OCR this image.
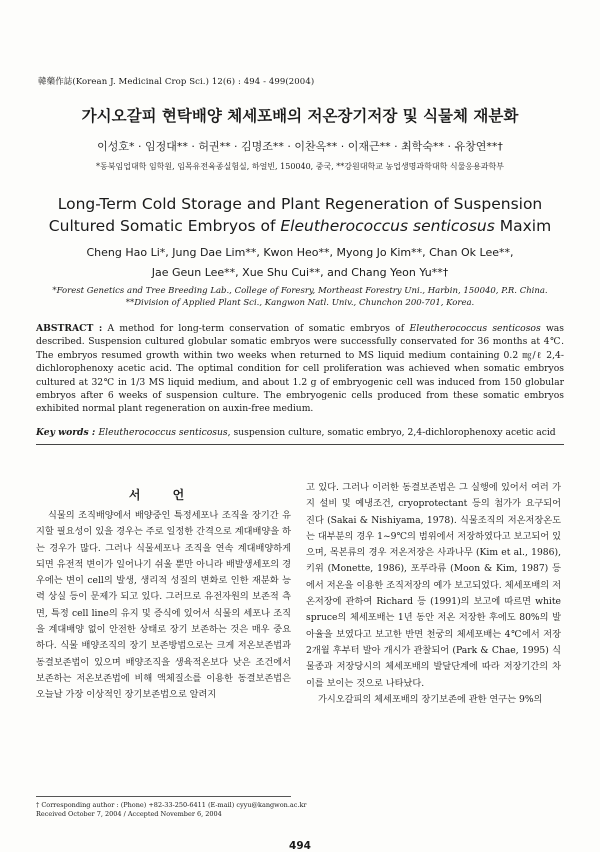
韓藥作誌(Korean J. Medicinal Crop Sci.) 12(6) : 494 - 499(2004)
가시오갈피 현탁배양 체세포배의 저온장기저장 및 식물체 재분화
이성호* · 임정대** · 허권** · 김명조** · 이찬옥** · 이재근** · 최학숙** · 유창연**†
*동북임업대학 임학원, 임목유전육종실험실, 하얼빈, 150040, 중국, **강원대학교 농업생명과학대학 식물응용과학부
Long-Term Cold Storage and Plant Regeneration of Suspension
Cultured Somatic Embryos of Eleutherococcus senticosus Maxim
Cheng Hao Li*, Jung Dae Lim**, Kwon Heo**, Myong Jo Kim**, Chan Ok Lee**,
Jae Geun Lee**, Xue Shu Cui**, and Chang Yeon Yu**†
*Forest Genetics and Tree Breeding Lab., College of Foresry, Mortheast Forestry Uni., Harbin, 150040, P.R. China.
**Division of Applied Plant Sci., Kangwon Natl. Univ., Chunchon 200-701, Korea.
ABSTRACT : A method for long-term conservation of somatic embryos of Eleutherococcus senticosos was described. Suspension cultured globular somatic embryos were successfully conservated for 36 months at 4℃. The embryos resumed growth within two weeks when returned to MS liquid medium containing 0.2 ㎎/ℓ 2,4-dichlorophenoxy acetic acid. The optimal condition for cell proliferation was achieved when somatic embryos cultured at 32℃ in 1/3 MS liquid medium, and about 1.2 g of embryogenic cell was induced from 150 globular embryos after 6 weeks of suspension culture. The embryogenic cells produced from these somatic embryos exhibited normal plant regeneration on auxin-free medium.
Key words : Eleutherococcus senticosus, suspension culture, somatic embryo, 2,4-dichlorophenoxy acetic acid
서 언
식물의 조직배양에서 배양중인 특정세포나 조직을 장기간 유지할 필요성이 있을 경우는 주로 일정한 간격으로 계대배양을 하는 경우가 많다. 그러나 식물세포나 조직을 연속 계대배양하게 되면 유전적 변이가 일어나기 쉬울 뿐만 아니라 배발생세포의 경우에는 변이 cell의 발생, 생리적 성질의 변화로 인한 재분화 능력 상실 등이 문제가 되고 있다. 그러므로 유전자원의 보존적 측면, 특정 cell line의 유지 및 증식에 있어서 식물의 세포나 조직을 계대배양 없이 안전한 상태로 장기 보존하는 것은 매우 중요하다. 식물 배양조직의 장기 보존방법으로는 크게 저온보존법과 동결보존법이 있으며 배양조직을 생육적온보다 낮은 조건에서 보존하는 저온보존법에 비해 액체질소를 이용한 동결보존법은 오늘날 가장 이상적인 장기보존법으로 알려지
고 있다. 그러나 이러한 동결보존법은 그 실행에 있어서 여러 가지 설비 및 예냉조건, cryoprotectant 등의 첨가가 요구되어 진다 (Sakai & Nishiyama, 1978). 식물조직의 저온저장온도는 대부분의 경우 1~9℃의 범위에서 저장하였다고 보고되어 있으며, 목본류의 경우 저온저장은 사과나무 (Kim et al., 1986), 키위 (Monette, 1986), 포푸라류 (Moon & Kim, 1987) 등에서 저온을 이용한 조직저장의 예가 보고되었다. 체세포배의 저온저장에 관하여 Richard 등 (1991)의 보고에 따르면 white spruce의 체세포배는 1년 동안 저온 저장한 후에도 80%의 발아율을 보였다고 보고한 반면 천궁의 체세포배는 4℃에서 저장 2개월 후부터 발아 개시가 관찰되어 (Park & Chae, 1995) 식물종과 저장당시의 체세포배의 발달단계에 따라 저장기간의 차이를 보이는 것으로 나타났다.
가시오갈피의 체세포배의 장기보존에 관한 연구는 9%의
† Corresponding author : (Phone) +82-33-250-6411 (E-mail) cyyu@kangwon.ac.kr
Received October 7, 2004 / Accepted November 6, 2004
494
